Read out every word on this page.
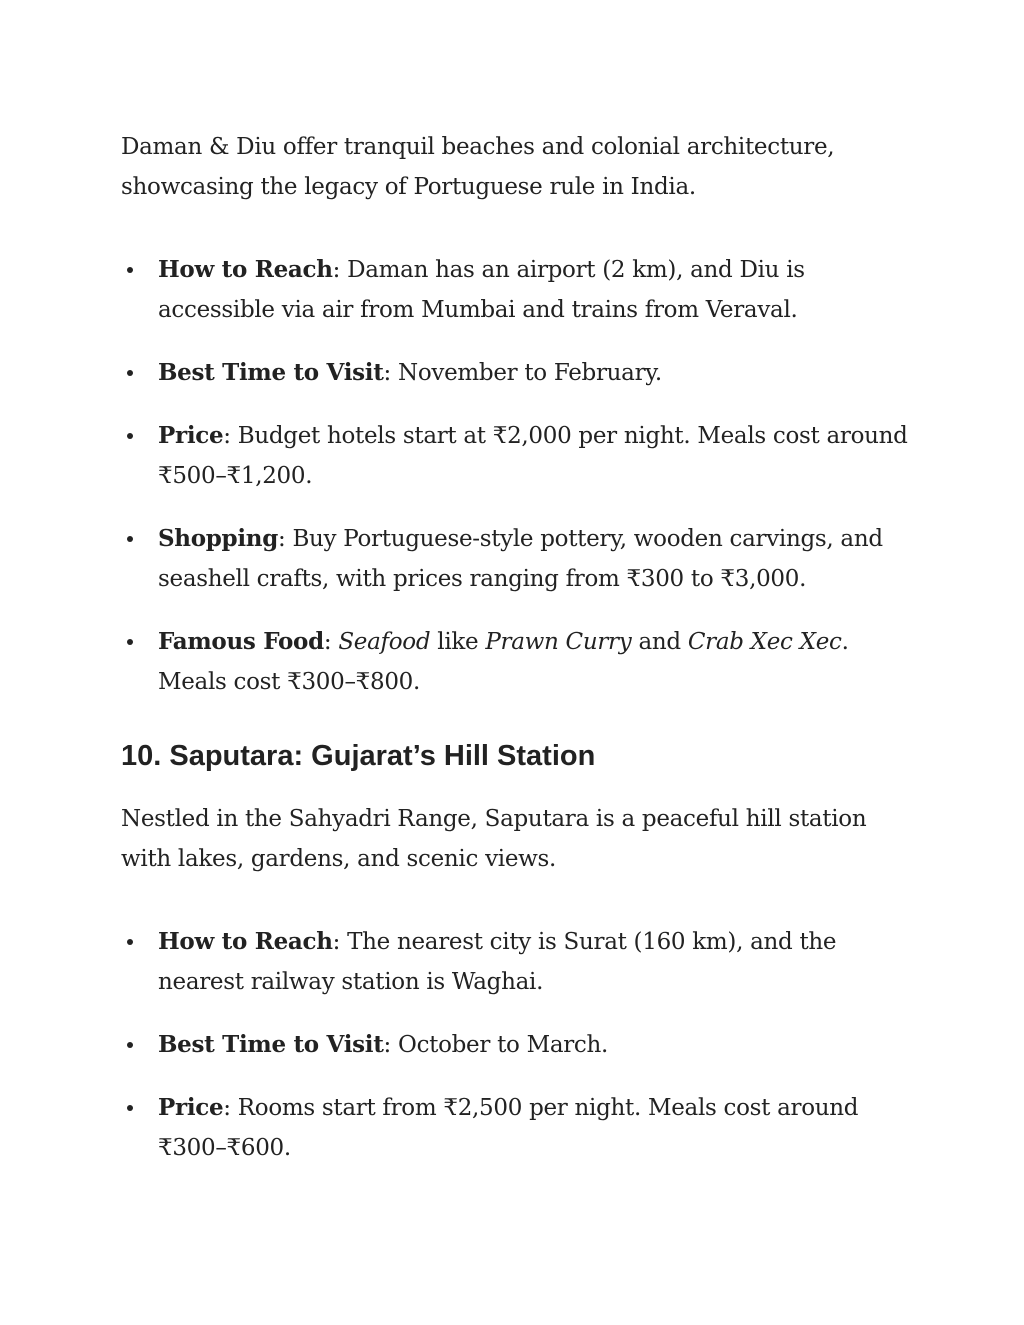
Daman & Diu offer tranquil beaches and colonial architecture, showcasing the legacy of Portuguese rule in India.

How to Reach: Daman has an airport (2 km), and Diu is accessible via air from Mumbai and trains from Veraval.

Best Time to Visit: November to February.

Price: Budget hotels start at ₹2,000 per night. Meals cost around ₹500–₹1,200.

Shopping: Buy Portuguese-style pottery, wooden carvings, and seashell crafts, with prices ranging from ₹300 to ₹3,000.

Famous Food: Seafood like Prawn Curry and Crab Xec Xec. Meals cost ₹300–₹800.

10. Saputara: Gujarat’s Hill Station

Nestled in the Sahyadri Range, Saputara is a peaceful hill station with lakes, gardens, and scenic views.

How to Reach: The nearest city is Surat (160 km), and the nearest railway station is Waghai.

Best Time to Visit: October to March.

Price: Rooms start from ₹2,500 per night. Meals cost around ₹300–₹600.
